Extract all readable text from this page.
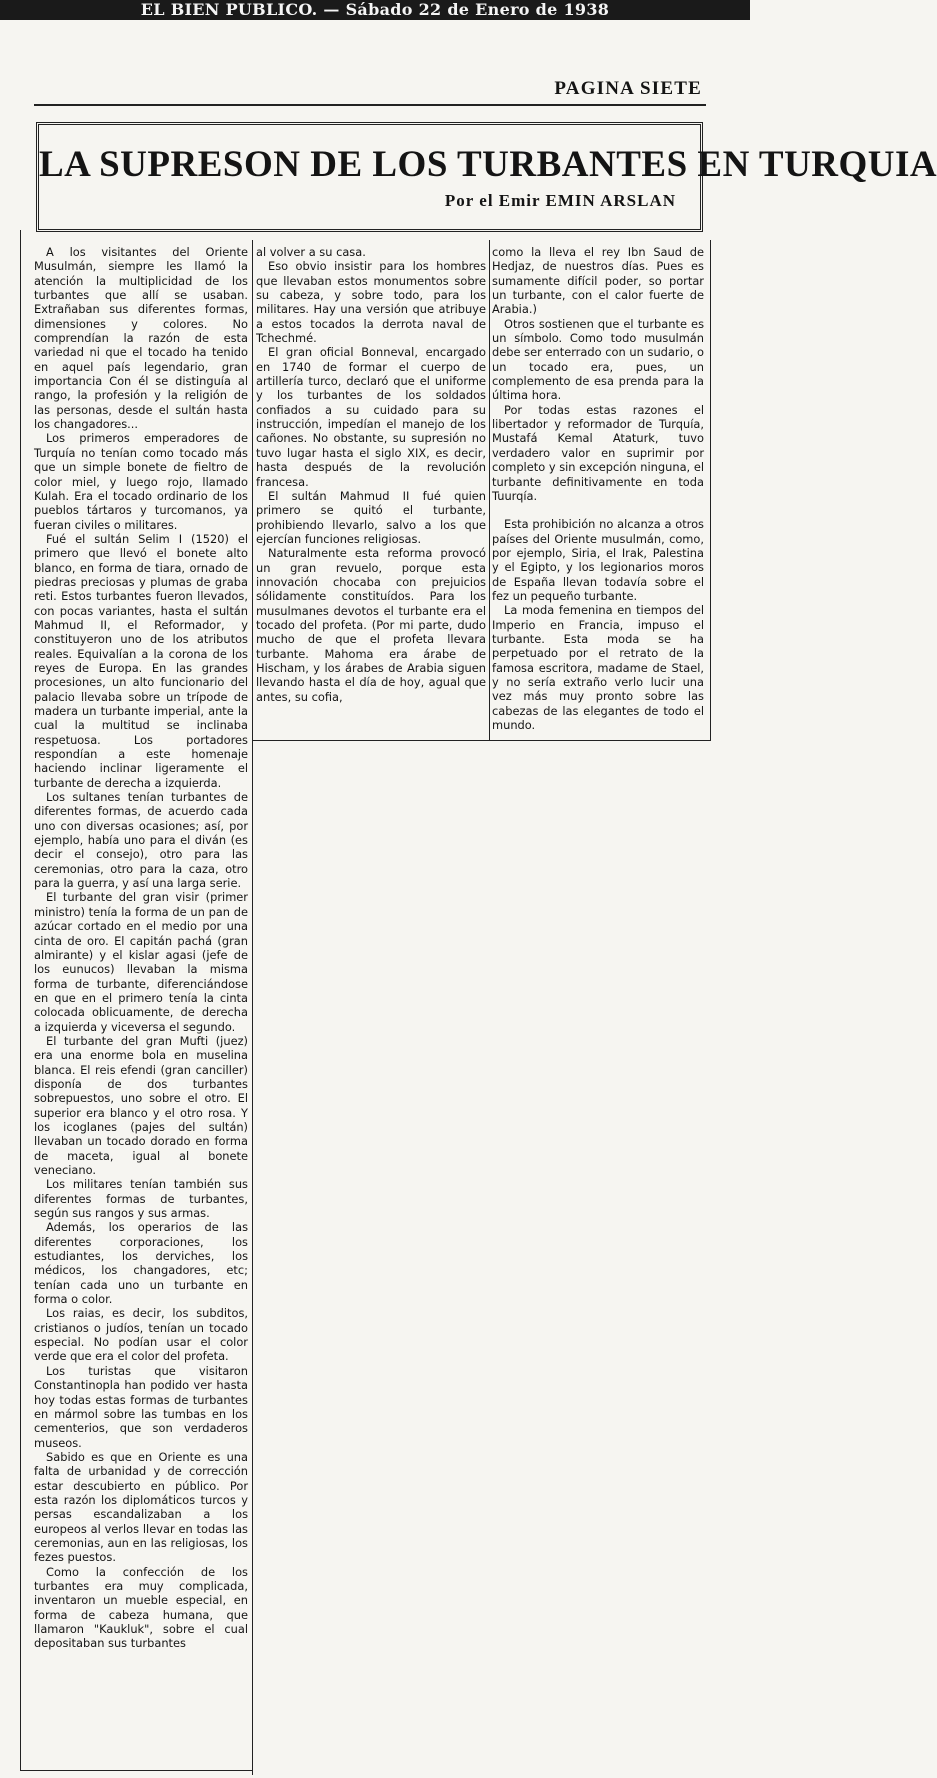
EL BIEN PUBLICO. — Sábado 22 de Enero de 1938
PAGINA SIETE
LA SUPRESON DE LOS TURBANTES EN TURQUIA
Por el Emir EMIN ARSLAN

A los visitantes del Oriente Musulmán, siempre les llamó la atención la multiplicidad de los turbantes que allí se usaban. Extrañaban sus diferentes formas, dimensiones y colores. No comprendían la razón de esta variedad ni que el tocado ha tenido en aquel país legendario, gran importancia Con él se distinguía al rango, la profesión y la religión de las personas, desde el sultán hasta los changadores...

Los primeros emperadores de Turquía no tenían como tocado más que un simple bonete de fieltro de color miel, y luego rojo, llamado Kulah. Era el tocado ordinario de los pueblos tártaros y turcomanos, ya fueran civiles o militares.

Fué el sultán Selim I (1520) el primero que llevó el bonete alto blanco, en forma de tiara, ornado de piedras preciosas y plumas de graba reti. Estos turbantes fueron llevados, con pocas variantes, hasta el sultán Mahmud II, el Reformador, y constituyeron uno de los atributos reales. Equivalían a la corona de los reyes de Europa. En las grandes procesiones, un alto funcionario del palacio llevaba sobre un trípode de madera un turbante imperial, ante la cual la multitud se inclinaba respetuosa. Los portadores respondían a este homenaje haciendo inclinar ligeramente el turbante de derecha a izquierda.

Los sultanes tenían turbantes de diferentes formas, de acuerdo cada uno con diversas ocasiones; así, por ejemplo, había uno para el diván (es decir el consejo), otro para las ceremonias, otro para la caza, otro para la guerra, y así una larga serie.

El turbante del gran visir (primer ministro) tenía la forma de un pan de azúcar cortado en el medio por una cinta de oro. El capitán pachá (gran almirante) y el kislar agasi (jefe de los eunucos) llevaban la misma forma de turbante, diferenciándose en que en el primero tenía la cinta colocada oblicuamente, de derecha a izquierda y viceversa el segundo.

El turbante del gran Mufti (juez) era una enorme bola en muselina blanca. El reis efendi (gran canciller) disponía de dos turbantes sobrepuestos, uno sobre el otro. El superior era blanco y el otro rosa. Y los icoglanes (pajes del sultán) llevaban un tocado dorado en forma de maceta, igual al bonete veneciano.

Los militares tenían también sus diferentes formas de turbantes, según sus rangos y sus armas.

Además, los operarios de las diferentes corporaciones, los estudiantes, los derviches, los médicos, los changadores, etc; tenían cada uno un turbante en forma o color.

Los raias, es decir, los subditos, cristianos o judíos, tenían un tocado especial. No podían usar el color verde que era el color del profeta.

Los turistas que visitaron Constantinopla han podido ver hasta hoy todas estas formas de turbantes en mármol sobre las tumbas en los cementerios, que son verdaderos museos.

Sabido es que en Oriente es una falta de urbanidad y de corrección estar descubierto en público. Por esta razón los diplomáticos turcos y persas escandalizaban a los europeos al verlos llevar en todas las ceremonias, aun en las religiosas, los fezes puestos.

Como la confección de los turbantes era muy complicada, inventaron un mueble especial, en forma de cabeza humana, que llamaron "Kaukluk", sobre el cual depositaban sus turbantes

al volver a su casa.

Eso obvio insistir para los hombres que llevaban estos monumentos sobre su cabeza, y sobre todo, para los militares. Hay una versión que atribuye a estos tocados la derrota naval de Tchechmé.

El gran oficial Bonneval, encargado en 1740 de formar el cuerpo de artillería turco, declaró que el uniforme y los turbantes de los soldados confiados a su cuidado para su instrucción, impedían el manejo de los cañones. No obstante, su supresión no tuvo lugar hasta el siglo XIX, es decir, hasta después de la revolución francesa.

El sultán Mahmud II fué quien primero se quitó el turbante, prohibiendo llevarlo, salvo a los que ejercían funciones religiosas.

Naturalmente esta reforma provocó un gran revuelo, porque esta innovación chocaba con prejuicios sólidamente constituídos. Para los musulmanes devotos el turbante era el tocado del profeta. (Por mi parte, dudo mucho de que el profeta llevara turbante. Mahoma era árabe de Hischam, y los árabes de Arabia siguen llevando hasta el día de hoy, agual que antes, su cofia,

como la lleva el rey Ibn Saud de Hedjaz, de nuestros días. Pues es sumamente difícil poder, so portar un turbante, con el calor fuerte de Arabia.)

Otros sostienen que el turbante es un símbolo. Como todo musulmán debe ser enterrado con un sudario, o un tocado era, pues, un complemento de esa prenda para la última hora.

Por todas estas razones el libertador y reformador de Turquía, Mustafá Kemal Ataturk, tuvo verdadero valor en suprimir por completo y sin excepción ninguna, el turbante definitivamente en toda Tuurqía.

Esta prohibición no alcanza a otros países del Oriente musulmán, como, por ejemplo, Siria, el Irak, Palestina y el Egipto, y los legionarios moros de España llevan todavía sobre el fez un pequeño turbante.

La moda femenina en tiempos del Imperio en Francia, impuso el turbante. Esta moda se ha perpetuado por el retrato de la famosa escritora, madame de Stael, y no sería extraño verlo lucir una vez más muy pronto sobre las cabezas de las elegantes de todo el mundo.
